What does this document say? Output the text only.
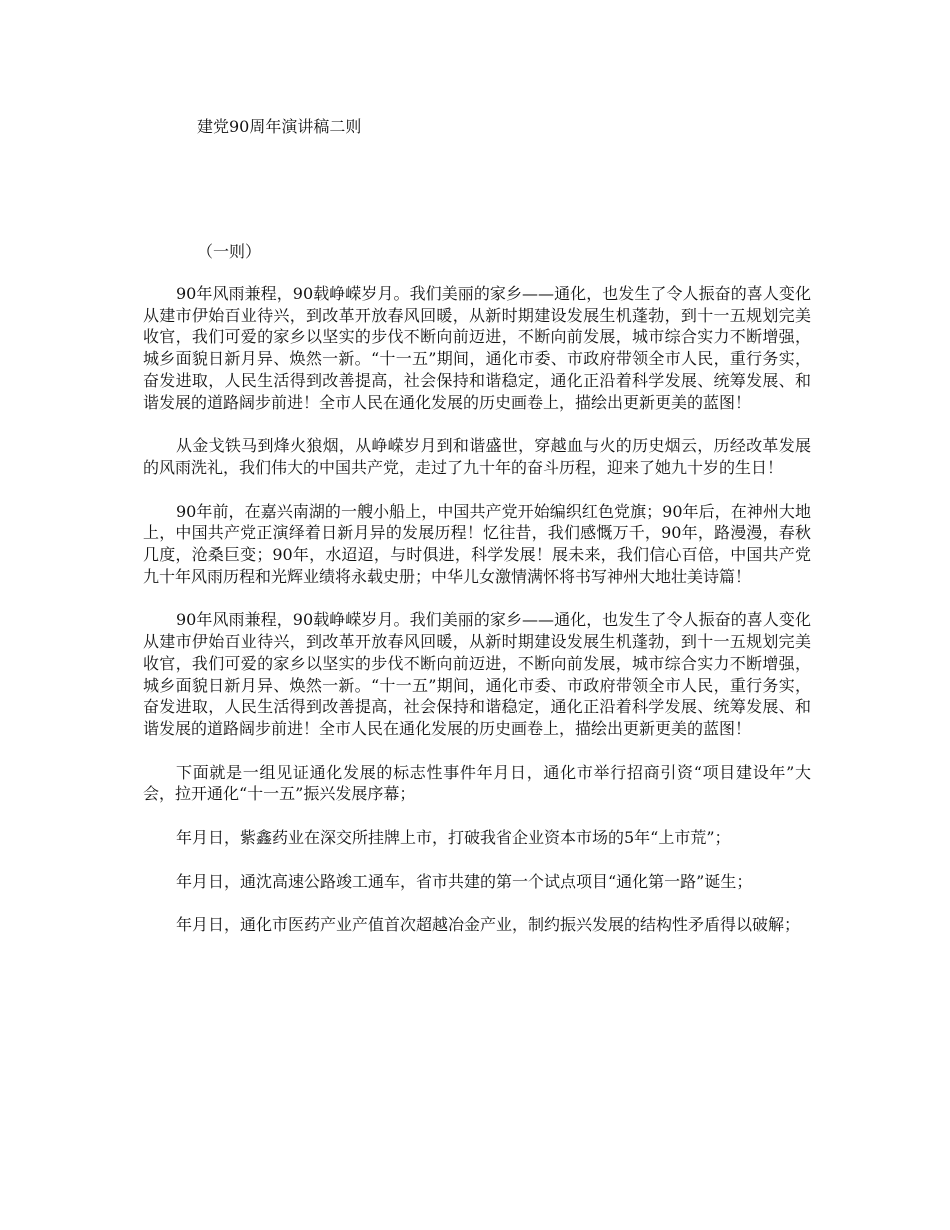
建党90周年演讲稿二则
（一则）

90年风雨兼程，90载峥嵘岁月。我们美丽的家乡——通化，也发生了令人振奋的喜人变化从建市伊始百业待兴，到改革开放春风回暖，从新时期建设发展生机蓬勃，到十一五规划完美收官，我们可爱的家乡以坚实的步伐不断向前迈进，不断向前发展，城市综合实力不断增强，城乡面貌日新月异、焕然一新。“十一五”期间，通化市委、市政府带领全市人民，重行务实，奋发进取，人民生活得到改善提高，社会保持和谐稳定，通化正沿着科学发展、统筹发展、和谐发展的道路阔步前进！全市人民在通化发展的历史画卷上，描绘出更新更美的蓝图！

从金戈铁马到烽火狼烟，从峥嵘岁月到和谐盛世，穿越血与火的历史烟云，历经改革发展的风雨洗礼，我们伟大的中国共产党，走过了九十年的奋斗历程，迎来了她九十岁的生日！

90年前，在嘉兴南湖的一艘小船上，中国共产党开始编织红色党旗；90年后，在神州大地上，中国共产党正演绎着日新月异的发展历程！忆往昔，我们感慨万千，90年，路漫漫，春秋几度，沧桑巨变；90年，水迢迢，与时俱进，科学发展！展未来，我们信心百倍，中国共产党九十年风雨历程和光辉业绩将永载史册；中华儿女激情满怀将书写神州大地壮美诗篇！

90年风雨兼程，90载峥嵘岁月。我们美丽的家乡——通化，也发生了令人振奋的喜人变化从建市伊始百业待兴，到改革开放春风回暖，从新时期建设发展生机蓬勃，到十一五规划完美收官，我们可爱的家乡以坚实的步伐不断向前迈进，不断向前发展，城市综合实力不断增强，城乡面貌日新月异、焕然一新。“十一五”期间，通化市委、市政府带领全市人民，重行务实，奋发进取，人民生活得到改善提高，社会保持和谐稳定，通化正沿着科学发展、统筹发展、和谐发展的道路阔步前进！全市人民在通化发展的历史画卷上，描绘出更新更美的蓝图！

下面就是一组见证通化发展的标志性事件年月日，通化市举行招商引资“项目建设年”大会，拉开通化“十一五”振兴发展序幕；

年月日，紫鑫药业在深交所挂牌上市，打破我省企业资本市场的5年“上市荒”；

年月日，通沈高速公路竣工通车，省市共建的第一个试点项目“通化第一路”诞生；

年月日，通化市医药产业产值首次超越冶金产业，制约振兴发展的结构性矛盾得以破解；
